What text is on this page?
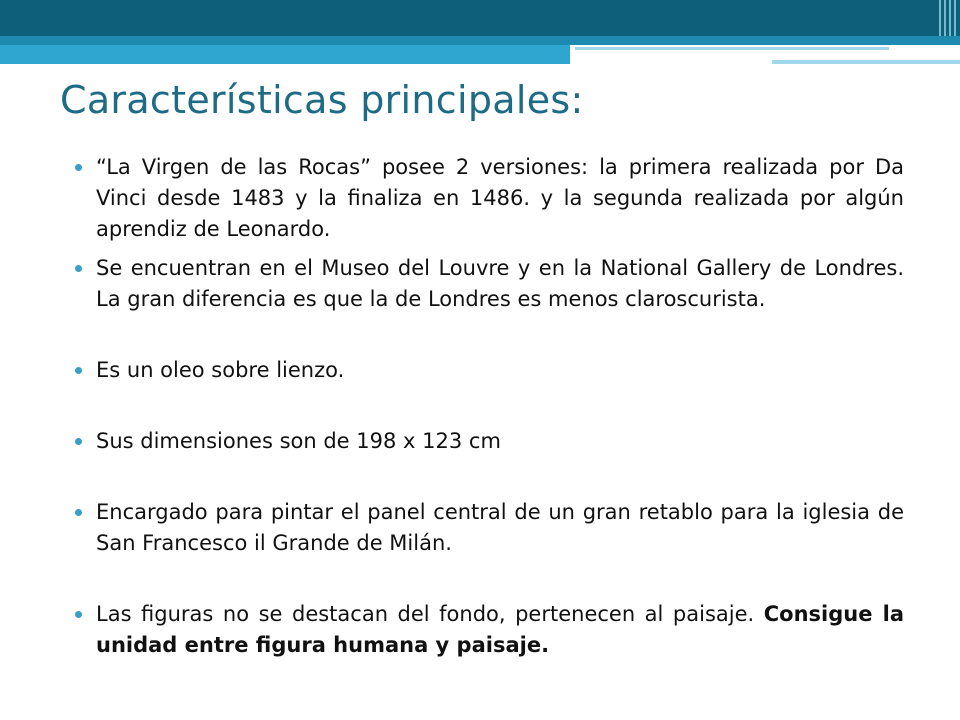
Características principales:
“La Virgen de las Rocas” posee 2 versiones: la primera realizada por Da Vinci desde 1483 y la finaliza en 1486. y la segunda realizada por algún aprendiz de Leonardo.
Se encuentran en el Museo del Louvre y en la National Gallery de Londres. La gran diferencia es que la de Londres es menos claroscurista.
Es un oleo sobre lienzo.
Sus dimensiones son de 198 x 123 cm
Encargado para pintar el panel central de un gran retablo para la iglesia de San Francesco il Grande de Milán.
Las figuras no se destacan del fondo, pertenecen al paisaje. Consigue la unidad entre figura humana y paisaje.
